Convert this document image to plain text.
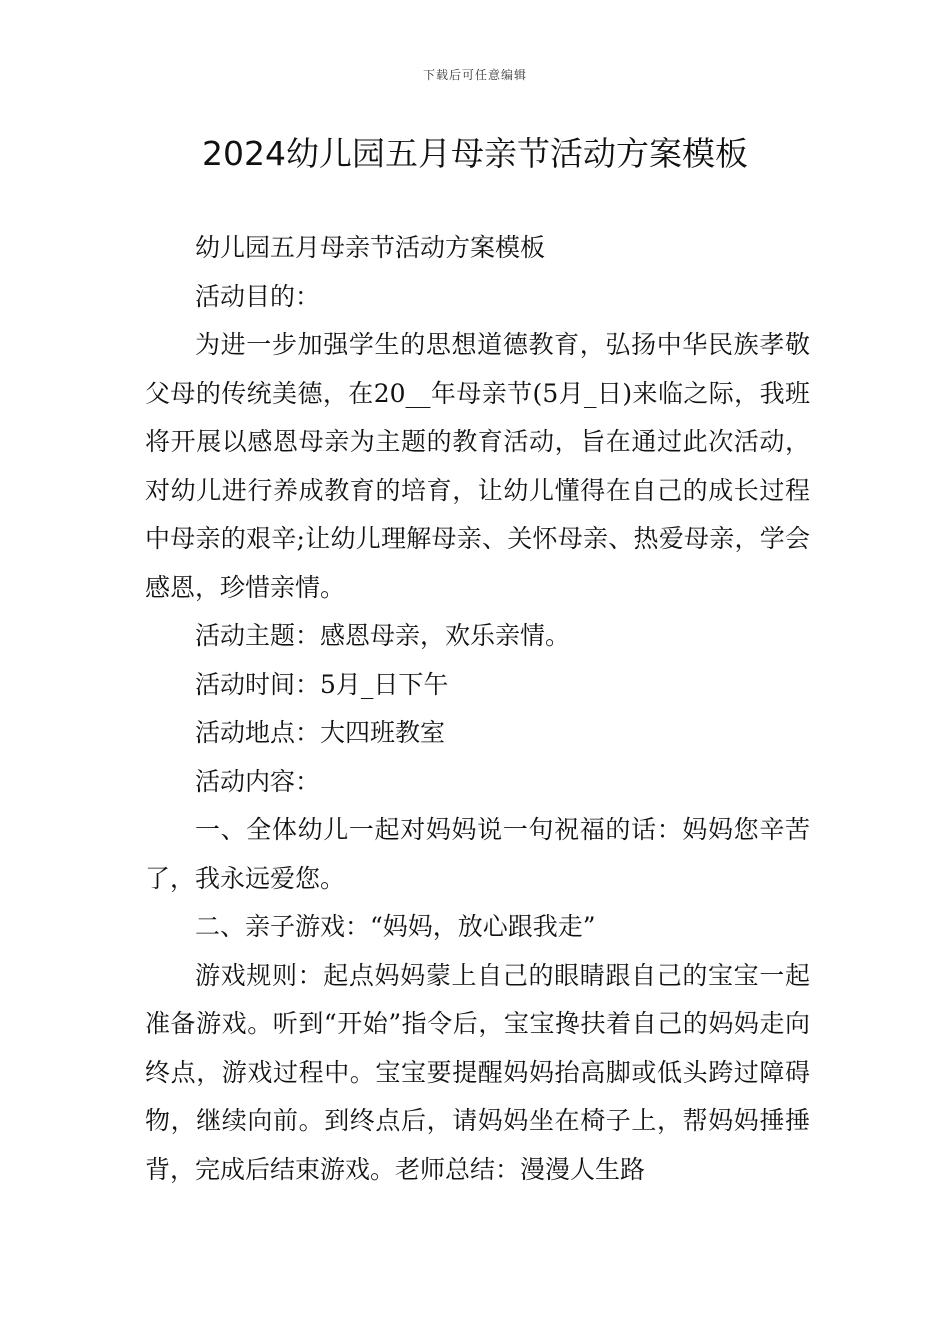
下载后可任意编辑
2024幼儿园五月母亲节活动方案模板

幼儿园五月母亲节活动方案模板

活动目的：

为进一步加强学生的思想道德教育，弘扬中华民族孝敬父母的传统美德，在20__年母亲节(5月_日)来临之际，我班将开展以感恩母亲为主题的教育活动，旨在通过此次活动，对幼儿进行养成教育的培育，让幼儿懂得在自己的成长过程中母亲的艰辛;让幼儿理解母亲、关怀母亲、热爱母亲，学会感恩，珍惜亲情。

活动主题：感恩母亲，欢乐亲情。

活动时间：5月_日下午

活动地点：大四班教室

活动内容：

一、全体幼儿一起对妈妈说一句祝福的话：妈妈您辛苦了，我永远爱您。

二、亲子游戏：“妈妈，放心跟我走”

游戏规则：起点妈妈蒙上自己的眼睛跟自己的宝宝一起准备游戏。听到“开始”指令后，宝宝搀扶着自己的妈妈走向终点，游戏过程中。宝宝要提醒妈妈抬高脚或低头跨过障碍物，继续向前。到终点后，请妈妈坐在椅子上，帮妈妈捶捶背，完成后结束游戏。老师总结：漫漫人生路
